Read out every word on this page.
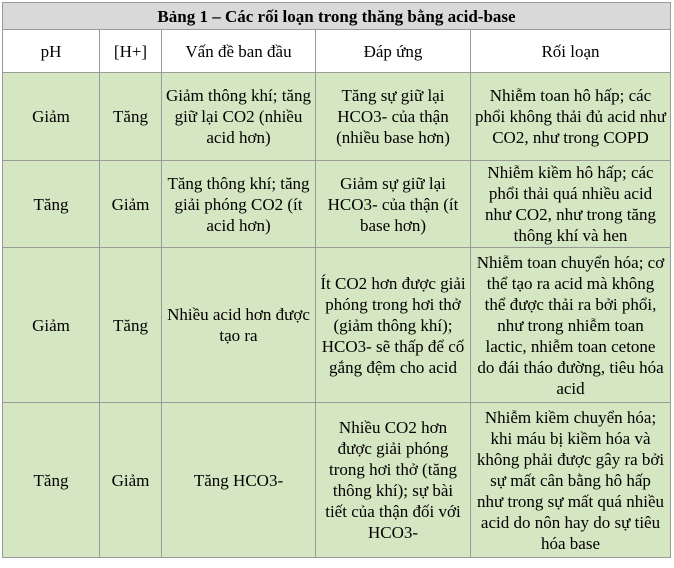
Bảng 1 – Các rối loạn trong thăng bằng acid-base				
pH	[H+]	Vấn đề ban đầu	Đáp ứng	Rối loạn
Giảm	Tăng	Giảm thông khí; tăng giữ lại CO2 (nhiều acid hơn)	Tăng sự giữ lại HCO3- của thận (nhiều base hơn)	Nhiễm toan hô hấp; các phổi không thải đủ acid như CO2, như trong COPD
Tăng	Giảm	Tăng thông khí; tăng giải phóng CO2 (ít acid hơn)	Giảm sự giữ lại HCO3- của thận (ít base hơn)	Nhiễm kiềm hô hấp; các phổi thải quá nhiều acid như CO2, như trong tăng thông khí và hen
Giảm	Tăng	Nhiều acid hơn được tạo ra	Ít CO2 hơn được giải phóng trong hơi thở (giảm thông khí); HCO3- sẽ thấp để cố gắng đệm cho acid	Nhiễm toan chuyển hóa; cơ thể tạo ra acid mà không thể được thải ra bởi phổi, như trong nhiễm toan lactic, nhiễm toan cetone do đái tháo đường, tiêu hóa acid
Tăng	Giảm	Tăng HCO3-	Nhiều CO2 hơn được giải phóng trong hơi thở (tăng thông khí); sự bài tiết của thận đối với HCO3-	Nhiễm kiềm chuyển hóa; khi máu bị kiềm hóa và không phải được gây ra bởi sự mất cân bằng hô hấp như trong sự mất quá nhiều acid do nôn hay do sự tiêu hóa base
